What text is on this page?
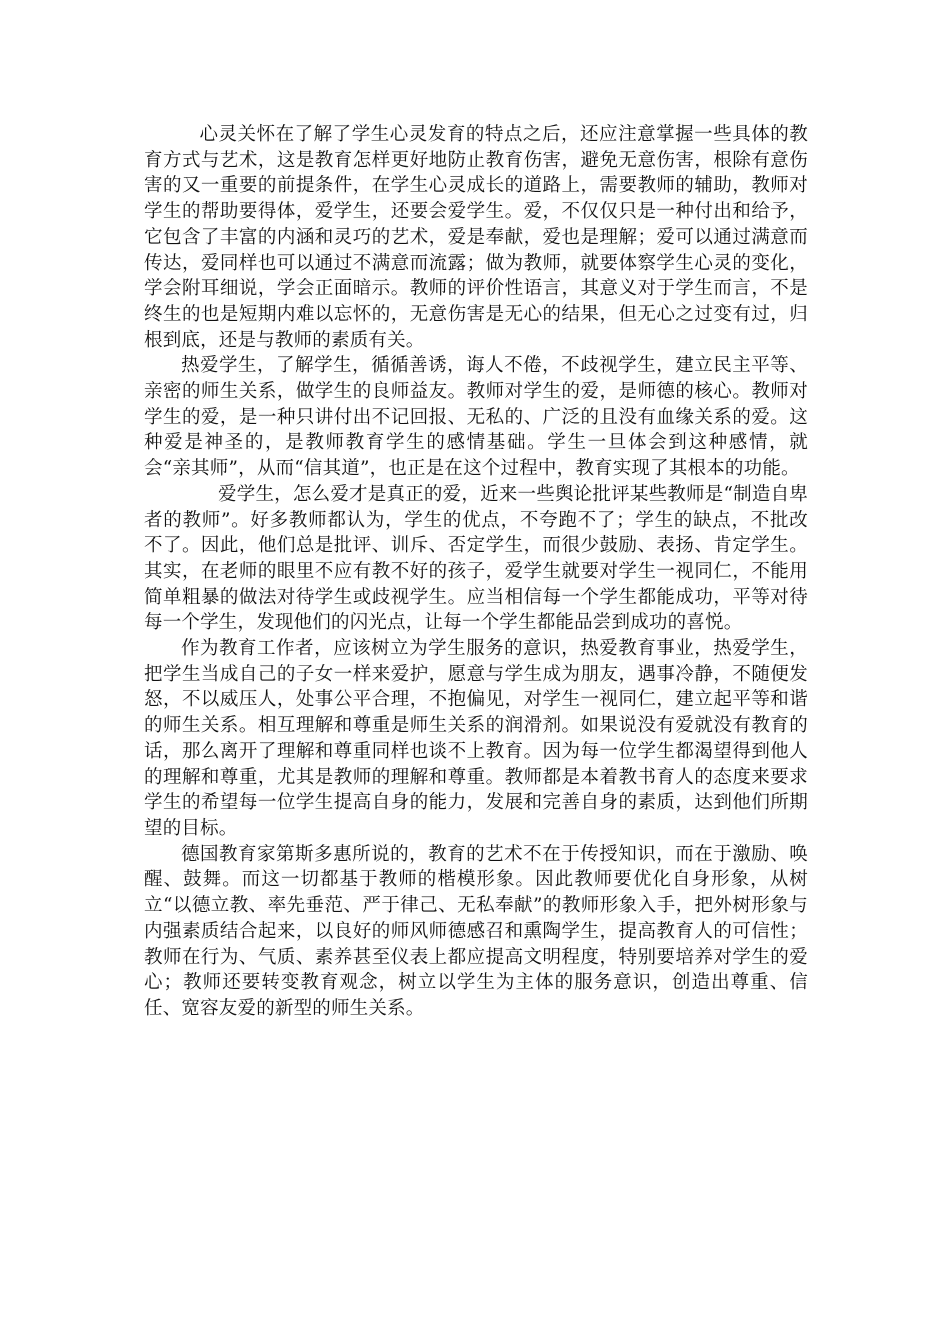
心灵关怀在了解了学生心灵发育的特点之后，还应注意掌握一些具体的教育方式与艺术，这是教育怎样更好地防止教育伤害，避免无意伤害，根除有意伤害的又一重要的前提条件，在学生心灵成长的道路上，需要教师的辅助，教师对学生的帮助要得体，爱学生，还要会爱学生。爱，不仅仅只是一种付出和给予，它包含了丰富的内涵和灵巧的艺术，爱是奉献，爱也是理解；爱可以通过满意而传达，爱同样也可以通过不满意而流露；做为教师，就要体察学生心灵的变化，学会附耳细说，学会正面暗示。教师的评价性语言，其意义对于学生而言，不是终生的也是短期内难以忘怀的，无意伤害是无心的结果，但无心之过变有过，归根到底，还是与教师的素质有关。

热爱学生，了解学生，循循善诱，诲人不倦，不歧视学生，建立民主平等、亲密的师生关系，做学生的良师益友。教师对学生的爱，是师德的核心。教师对学生的爱，是一种只讲付出不记回报、无私的、广泛的且没有血缘关系的爱。这种爱是神圣的，是教师教育学生的感情基础。学生一旦体会到这种感情，就会“亲其师”，从而“信其道”，也正是在这个过程中，教育实现了其根本的功能。

爱学生，怎么爱才是真正的爱，近来一些舆论批评某些教师是“制造自卑者的教师”。好多教师都认为，学生的优点，不夸跑不了；学生的缺点，不批改不了。因此，他们总是批评、训斥、否定学生，而很少鼓励、表扬、肯定学生。其实，在老师的眼里不应有教不好的孩子，爱学生就要对学生一视同仁，不能用简单粗暴的做法对待学生或歧视学生。应当相信每一个学生都能成功，平等对待每一个学生，发现他们的闪光点，让每一个学生都能品尝到成功的喜悦。

作为教育工作者，应该树立为学生服务的意识，热爱教育事业，热爱学生，把学生当成自己的子女一样来爱护，愿意与学生成为朋友，遇事冷静，不随便发怒，不以威压人，处事公平合理，不抱偏见，对学生一视同仁，建立起平等和谐的师生关系。相互理解和尊重是师生关系的润滑剂。如果说没有爱就没有教育的话，那么离开了理解和尊重同样也谈不上教育。因为每一位学生都渴望得到他人的理解和尊重，尤其是教师的理解和尊重。教师都是本着教书育人的态度来要求学生的希望每一位学生提高自身的能力，发展和完善自身的素质，达到他们所期望的目标。

德国教育家第斯多惠所说的，教育的艺术不在于传授知识，而在于激励、唤醒、鼓舞。而这一切都基于教师的楷模形象。因此教师要优化自身形象，从树立“以德立教、率先垂范、严于律己、无私奉献”的教师形象入手，把外树形象与内强素质结合起来，以良好的师风师德感召和熏陶学生，提高教育人的可信性；教师在行为、气质、素养甚至仪表上都应提高文明程度，特别要培养对学生的爱心；教师还要转变教育观念，树立以学生为主体的服务意识，创造出尊重、信任、宽容友爱的新型的师生关系。
